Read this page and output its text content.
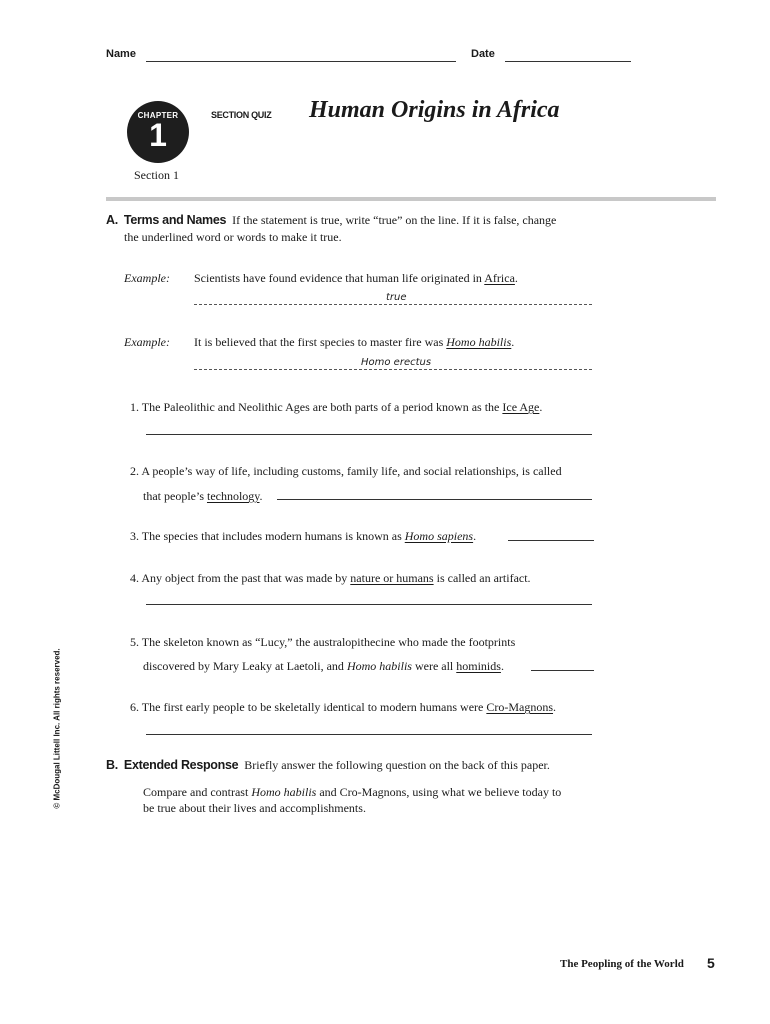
Name	Date
CHAPTER
1
Section 1
SECTION QUIZ Human Origins in Africa
A. Terms and Names If the statement is true, write “true” on the line. If it is false, change
the underlined word or words to make it true.
Example: Scientists have found evidence that human life originated in Africa.
true
Example: It is believed that the first species to master fire was Homo habilis.
Homo erectus
1. The Paleolithic and Neolithic Ages are both parts of a period known as the Ice Age.
2. A people’s way of life, including customs, family life, and social relationships, is called
that people’s technology.
3. The species that includes modern humans is known as Homo sapiens.
4. Any object from the past that was made by nature or humans is called an artifact.
5. The skeleton known as “Lucy,” the australopithecine who made the footprints
discovered by Mary Leaky at Laetoli, and Homo habilis were all hominids.
6. The first early people to be skeletally identical to modern humans were Cro-Magnons.
B. Extended Response Briefly answer the following question on the back of this paper.
Compare and contrast Homo habilis and Cro-Magnons, using what we believe today to
be true about their lives and accomplishments.
© McDougal Littell Inc. All rights reserved.
The Peopling of the World 5
